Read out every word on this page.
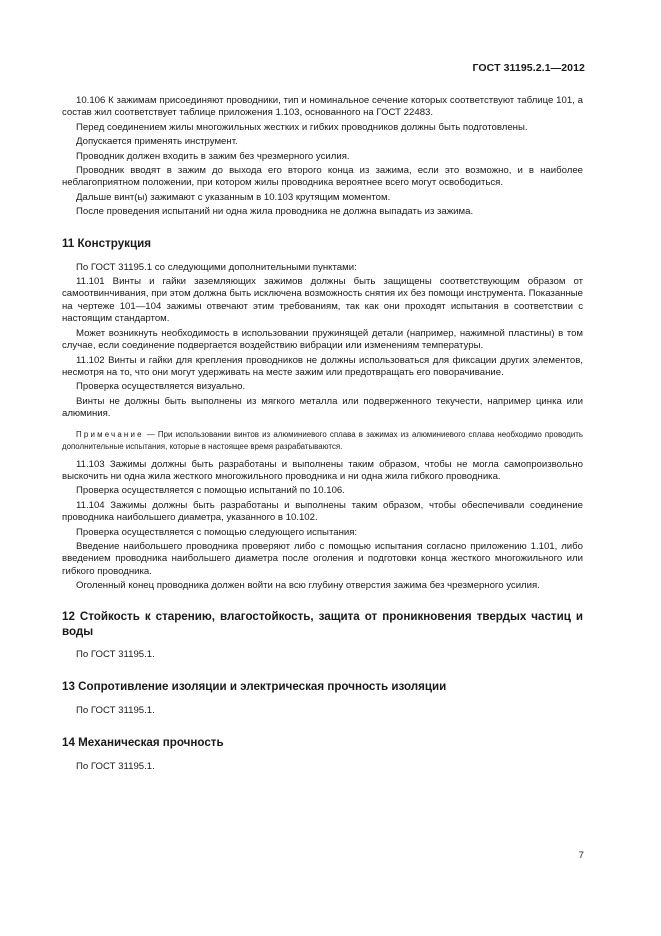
ГОСТ 31195.2.1—2012

10.106 К зажимам присоединяют проводники, тип и номинальное сечение которых соответствуют таблице 101, а состав жил соответствует таблице приложения 1.103, основанного на ГОСТ 22483.

Перед соединением жилы многожильных жестких и гибких проводников должны быть подготовлены.

Допускается применять инструмент.

Проводник должен входить в зажим без чрезмерного усилия.

Проводник вводят в зажим до выхода его второго конца из зажима, если это возможно, и в наиболее неблагоприятном положении, при котором жилы проводника вероятнее всего могут освободиться.

Дальше винт(ы) зажимают с указанным в 10.103 крутящим моментом.

После проведения испытаний ни одна жила проводника не должна выпадать из зажима.

11 Конструкция

По ГОСТ 31195.1 со следующими дополнительными пунктами:

11.101 Винты и гайки заземляющих зажимов должны быть защищены соответствующим образом от самоотвинчивания, при этом должна быть исключена возможность снятия их без помощи инструмента. Показанные на чертеже 101—104 зажимы отвечают этим требованиям, так как они проходят испытания в соответствии с настоящим стандартом.

Может возникнуть необходимость в использовании пружинящей детали (например, нажимной пластины) в том случае, если соединение подвергается воздействию вибрации или изменениям температуры.

11.102 Винты и гайки для крепления проводников не должны использоваться для фиксации других элементов, несмотря на то, что они могут удерживать на месте зажим или предотвращать его поворачивание.

Проверка осуществляется визуально.

Винты не должны быть выполнены из мягкого металла или подверженного текучести, например цинка или алюминия.

Примечание — При использовании винтов из алюминиевого сплава в зажимах из алюминиевого сплава необходимо проводить дополнительные испытания, которые в настоящее время разрабатываются.

11.103 Зажимы должны быть разработаны и выполнены таким образом, чтобы не могла самопроизвольно выскочить ни одна жила жесткого многожильного проводника и ни одна жила гибкого проводника.

Проверка осуществляется с помощью испытаний по 10.106.

11.104 Зажимы должны быть разработаны и выполнены таким образом, чтобы обеспечивали соединение проводника наибольшего диаметра, указанного в 10.102.

Проверка осуществляется с помощью следующего испытания:

Введение наибольшего проводника проверяют либо с помощью испытания согласно приложению 1.101, либо введением проводника наибольшего диаметра после оголения и подготовки конца жесткого многожильного или гибкого проводника.

Оголенный конец проводника должен войти на всю глубину отверстия зажима без чрезмерного усилия.

12 Стойкость к старению, влагостойкость, защита от проникновения твердых частиц и воды

По ГОСТ 31195.1.

13 Сопротивление изоляции и электрическая прочность изоляции

По ГОСТ 31195.1.

14 Механическая прочность

По ГОСТ 31195.1.

7
